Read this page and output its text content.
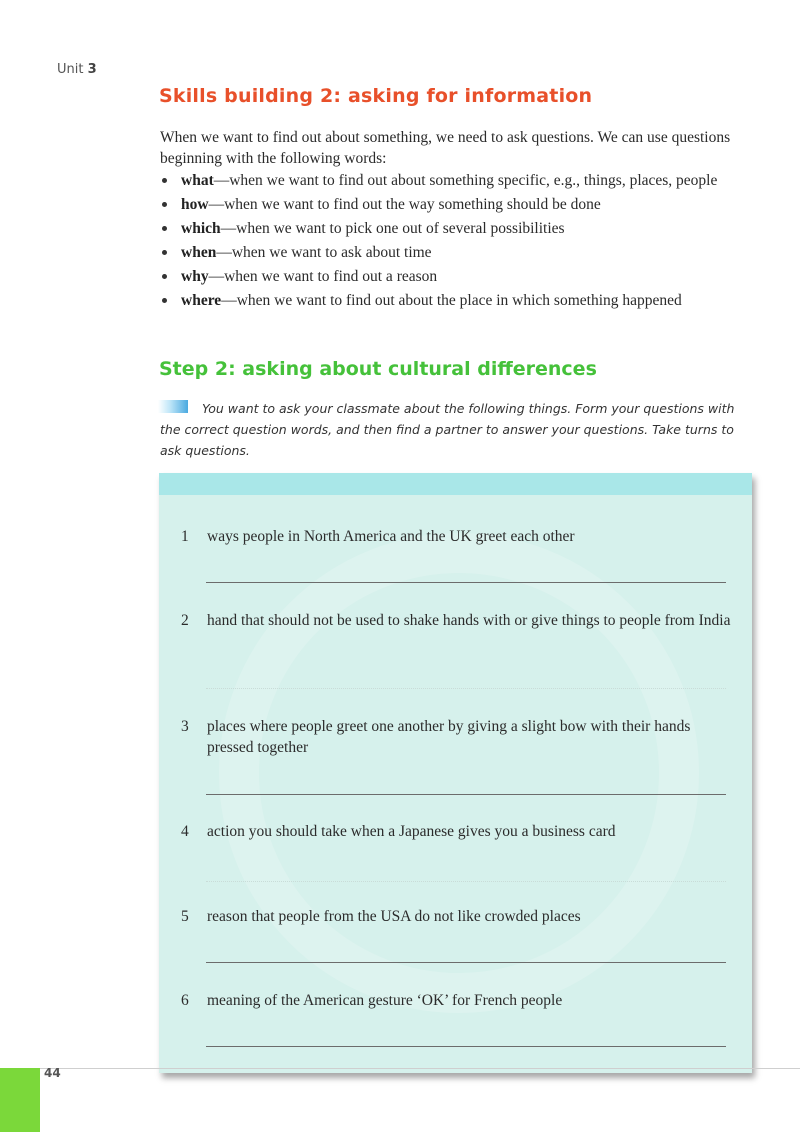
Unit 3
Skills building 2: asking for information

When we want to find out about something, we need to ask questions. We can use questions beginning with the following words:

what—when we want to find out about something specific, e.g., things, places, people
how—when we want to find out the way something should be done
which—when we want to pick one out of several possibilities
when—when we want to ask about time
why—when we want to find out a reason
where—when we want to find out about the place in which something happened
Step 2: asking about cultural differences

You want to ask your classmate about the following things. Form your questions with the correct question words, and then find a partner to answer your questions. Take turns to ask questions.

1 ways people in North America and the UK greet each other
2 hand that should not be used to shake hands with or give things to people from India
3 places where people greet one another by giving a slight bow with their hands pressed together
4 action you should take when a Japanese gives you a business card
5 reason that people from the USA do not like crowded places
6 meaning of the American gesture ‘OK’ for French people
44
